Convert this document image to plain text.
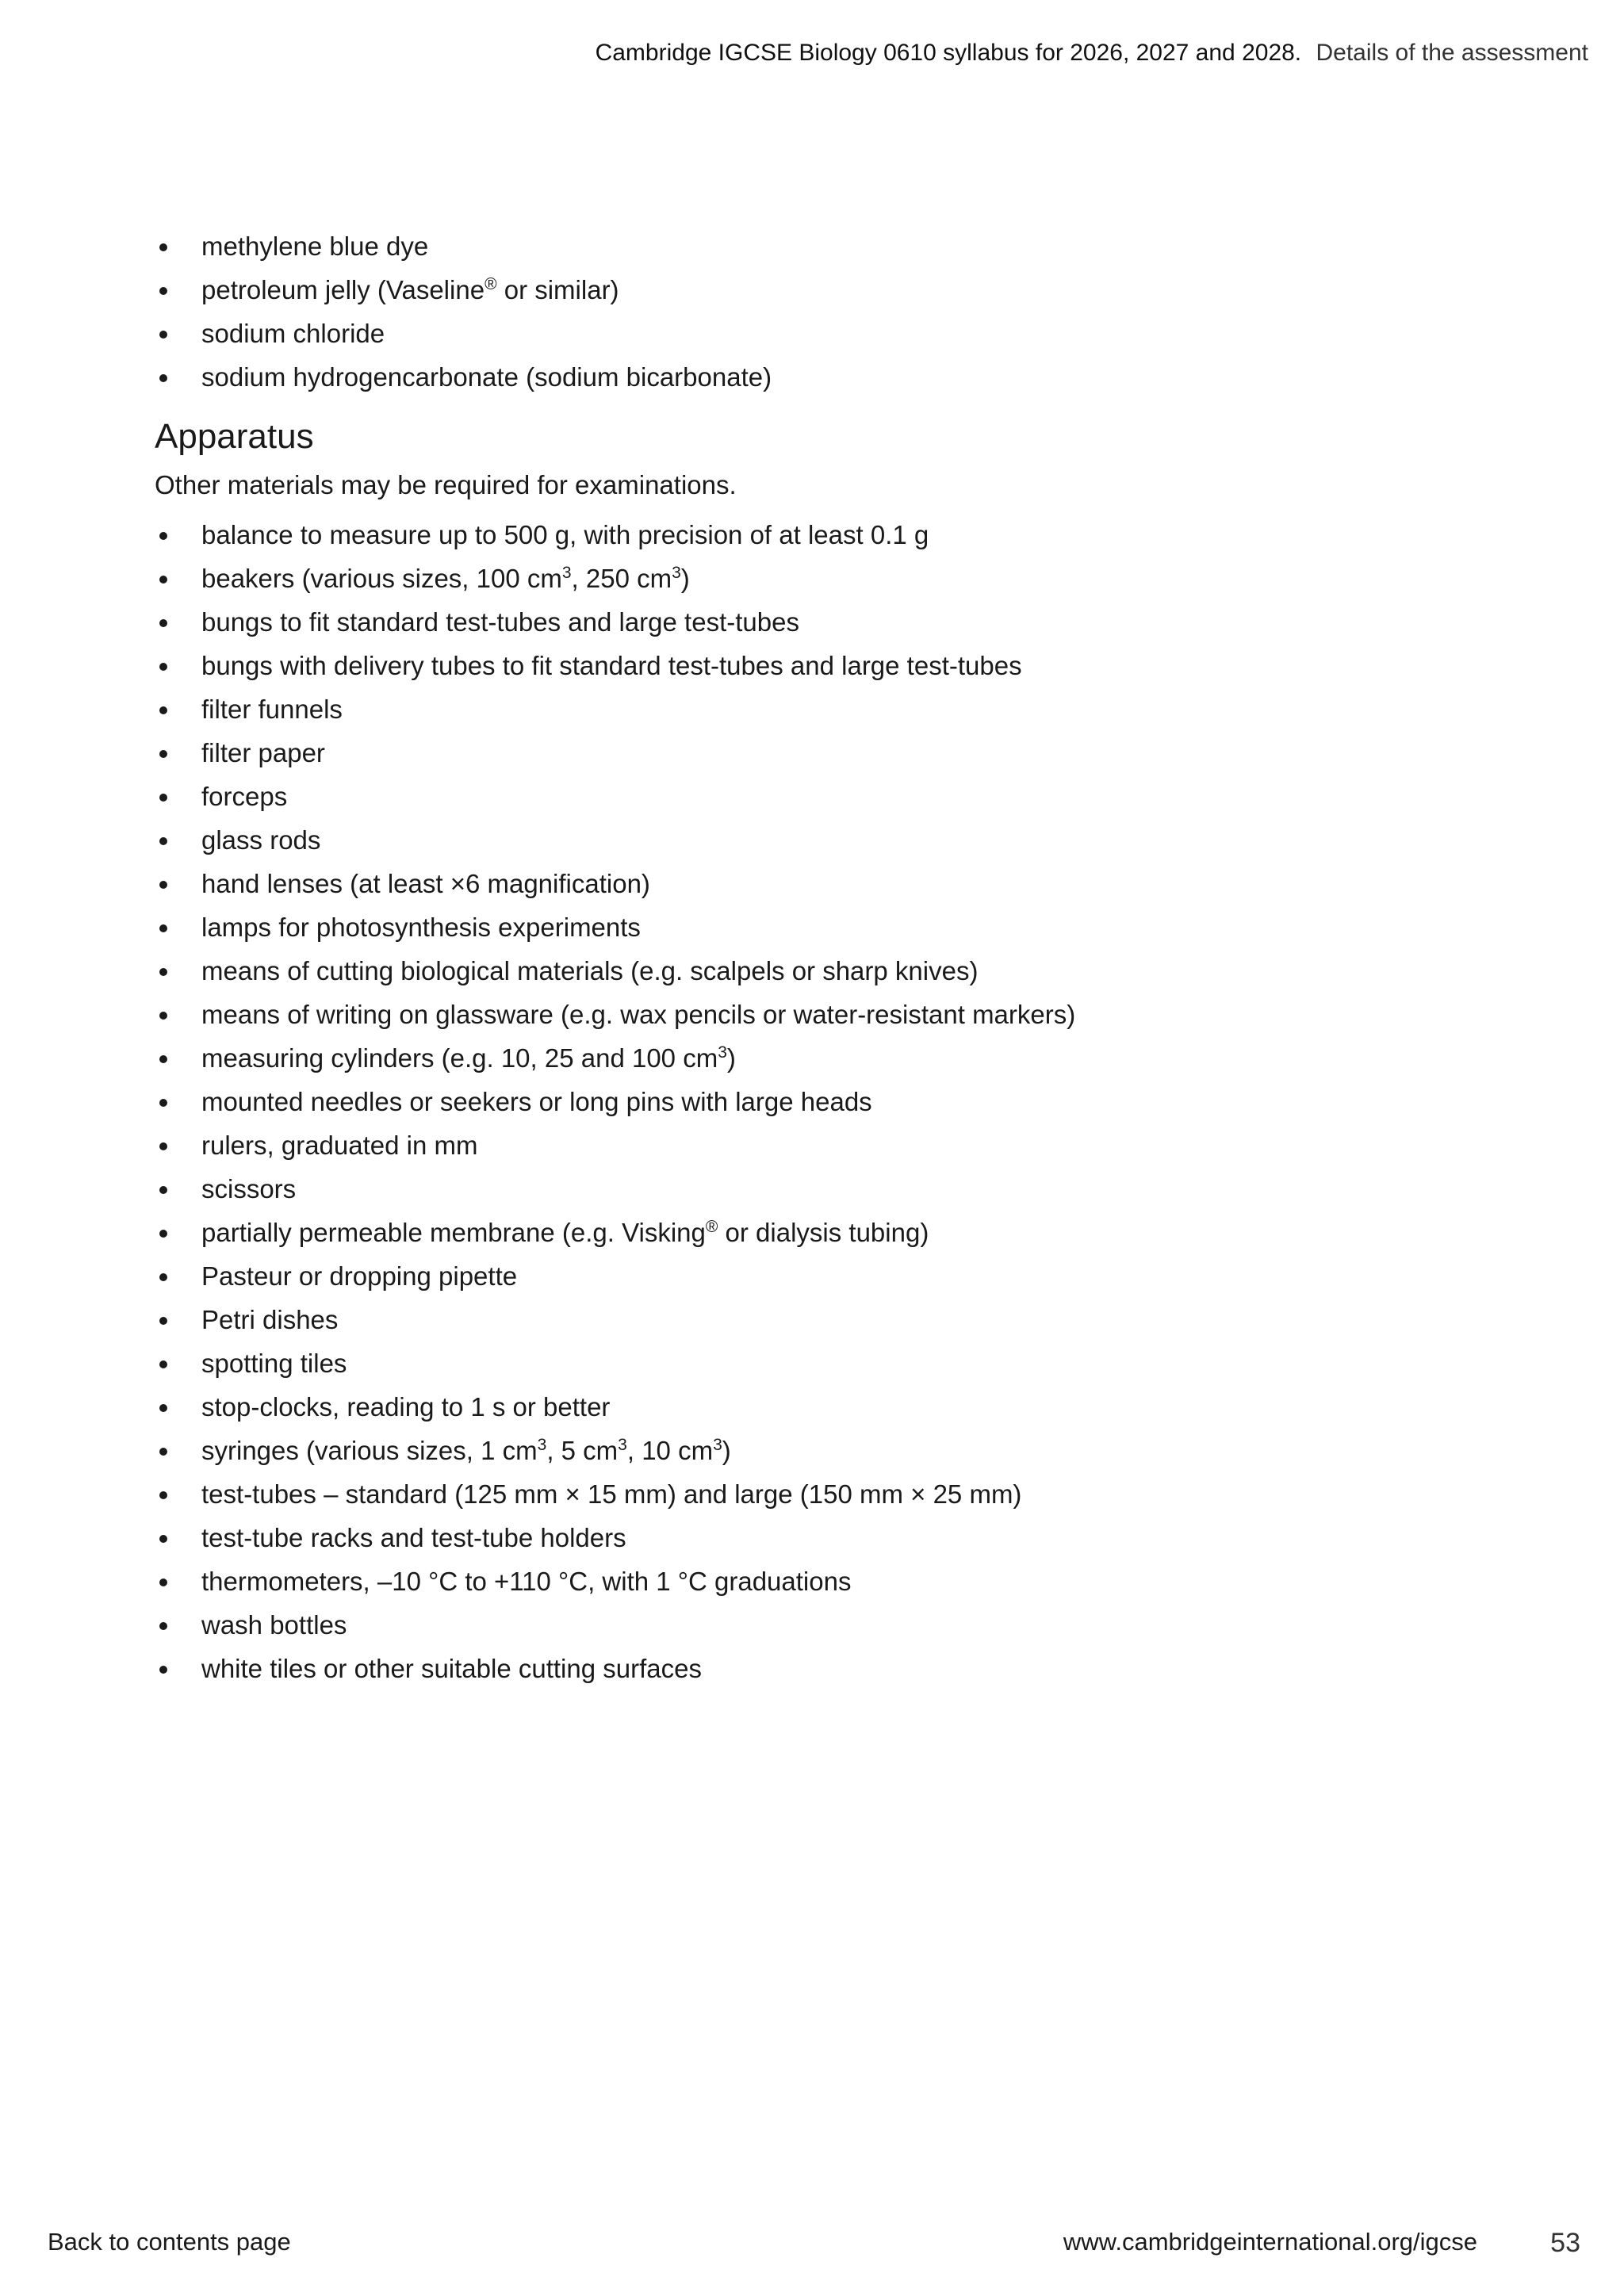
Cambridge IGCSE Biology 0610 syllabus for 2026, 2027 and 2028. Details of the assessment
methylene blue dye
petroleum jelly (Vaseline® or similar)
sodium chloride
sodium hydrogencarbonate (sodium bicarbonate)
Apparatus

Other materials may be required for examinations.

balance to measure up to 500 g, with precision of at least 0.1 g
beakers (various sizes, 100 $cm^3$, 250 $cm^3$)
bungs to fit standard test-tubes and large test-tubes
bungs with delivery tubes to fit standard test-tubes and large test-tubes
filter funnels
filter paper
forceps
glass rods
hand lenses (at least ×6 magnification)
lamps for photosynthesis experiments
means of cutting biological materials (e.g. scalpels or sharp knives)
means of writing on glassware (e.g. wax pencils or water-resistant markers)
measuring cylinders (e.g. 10, 25 and 100 $cm^3$)
mounted needles or seekers or long pins with large heads
rulers, graduated in mm
scissors
partially permeable membrane (e.g. Visking® or dialysis tubing)
Pasteur or dropping pipette
Petri dishes
spotting tiles
stop-clocks, reading to 1 s or better
syringes (various sizes, 1 $cm^3$, 5 $cm^3$, 10 $cm^3$)
test-tubes – standard (125 mm × 15 mm) and large (150 mm × 25 mm)
test-tube racks and test-tube holders
thermometers, –10 °C to +110 °C, with 1 °C graduations
wash bottles
white tiles or other suitable cutting surfaces
Back to contents page	www.cambridgeinternational.org/igcse	53
